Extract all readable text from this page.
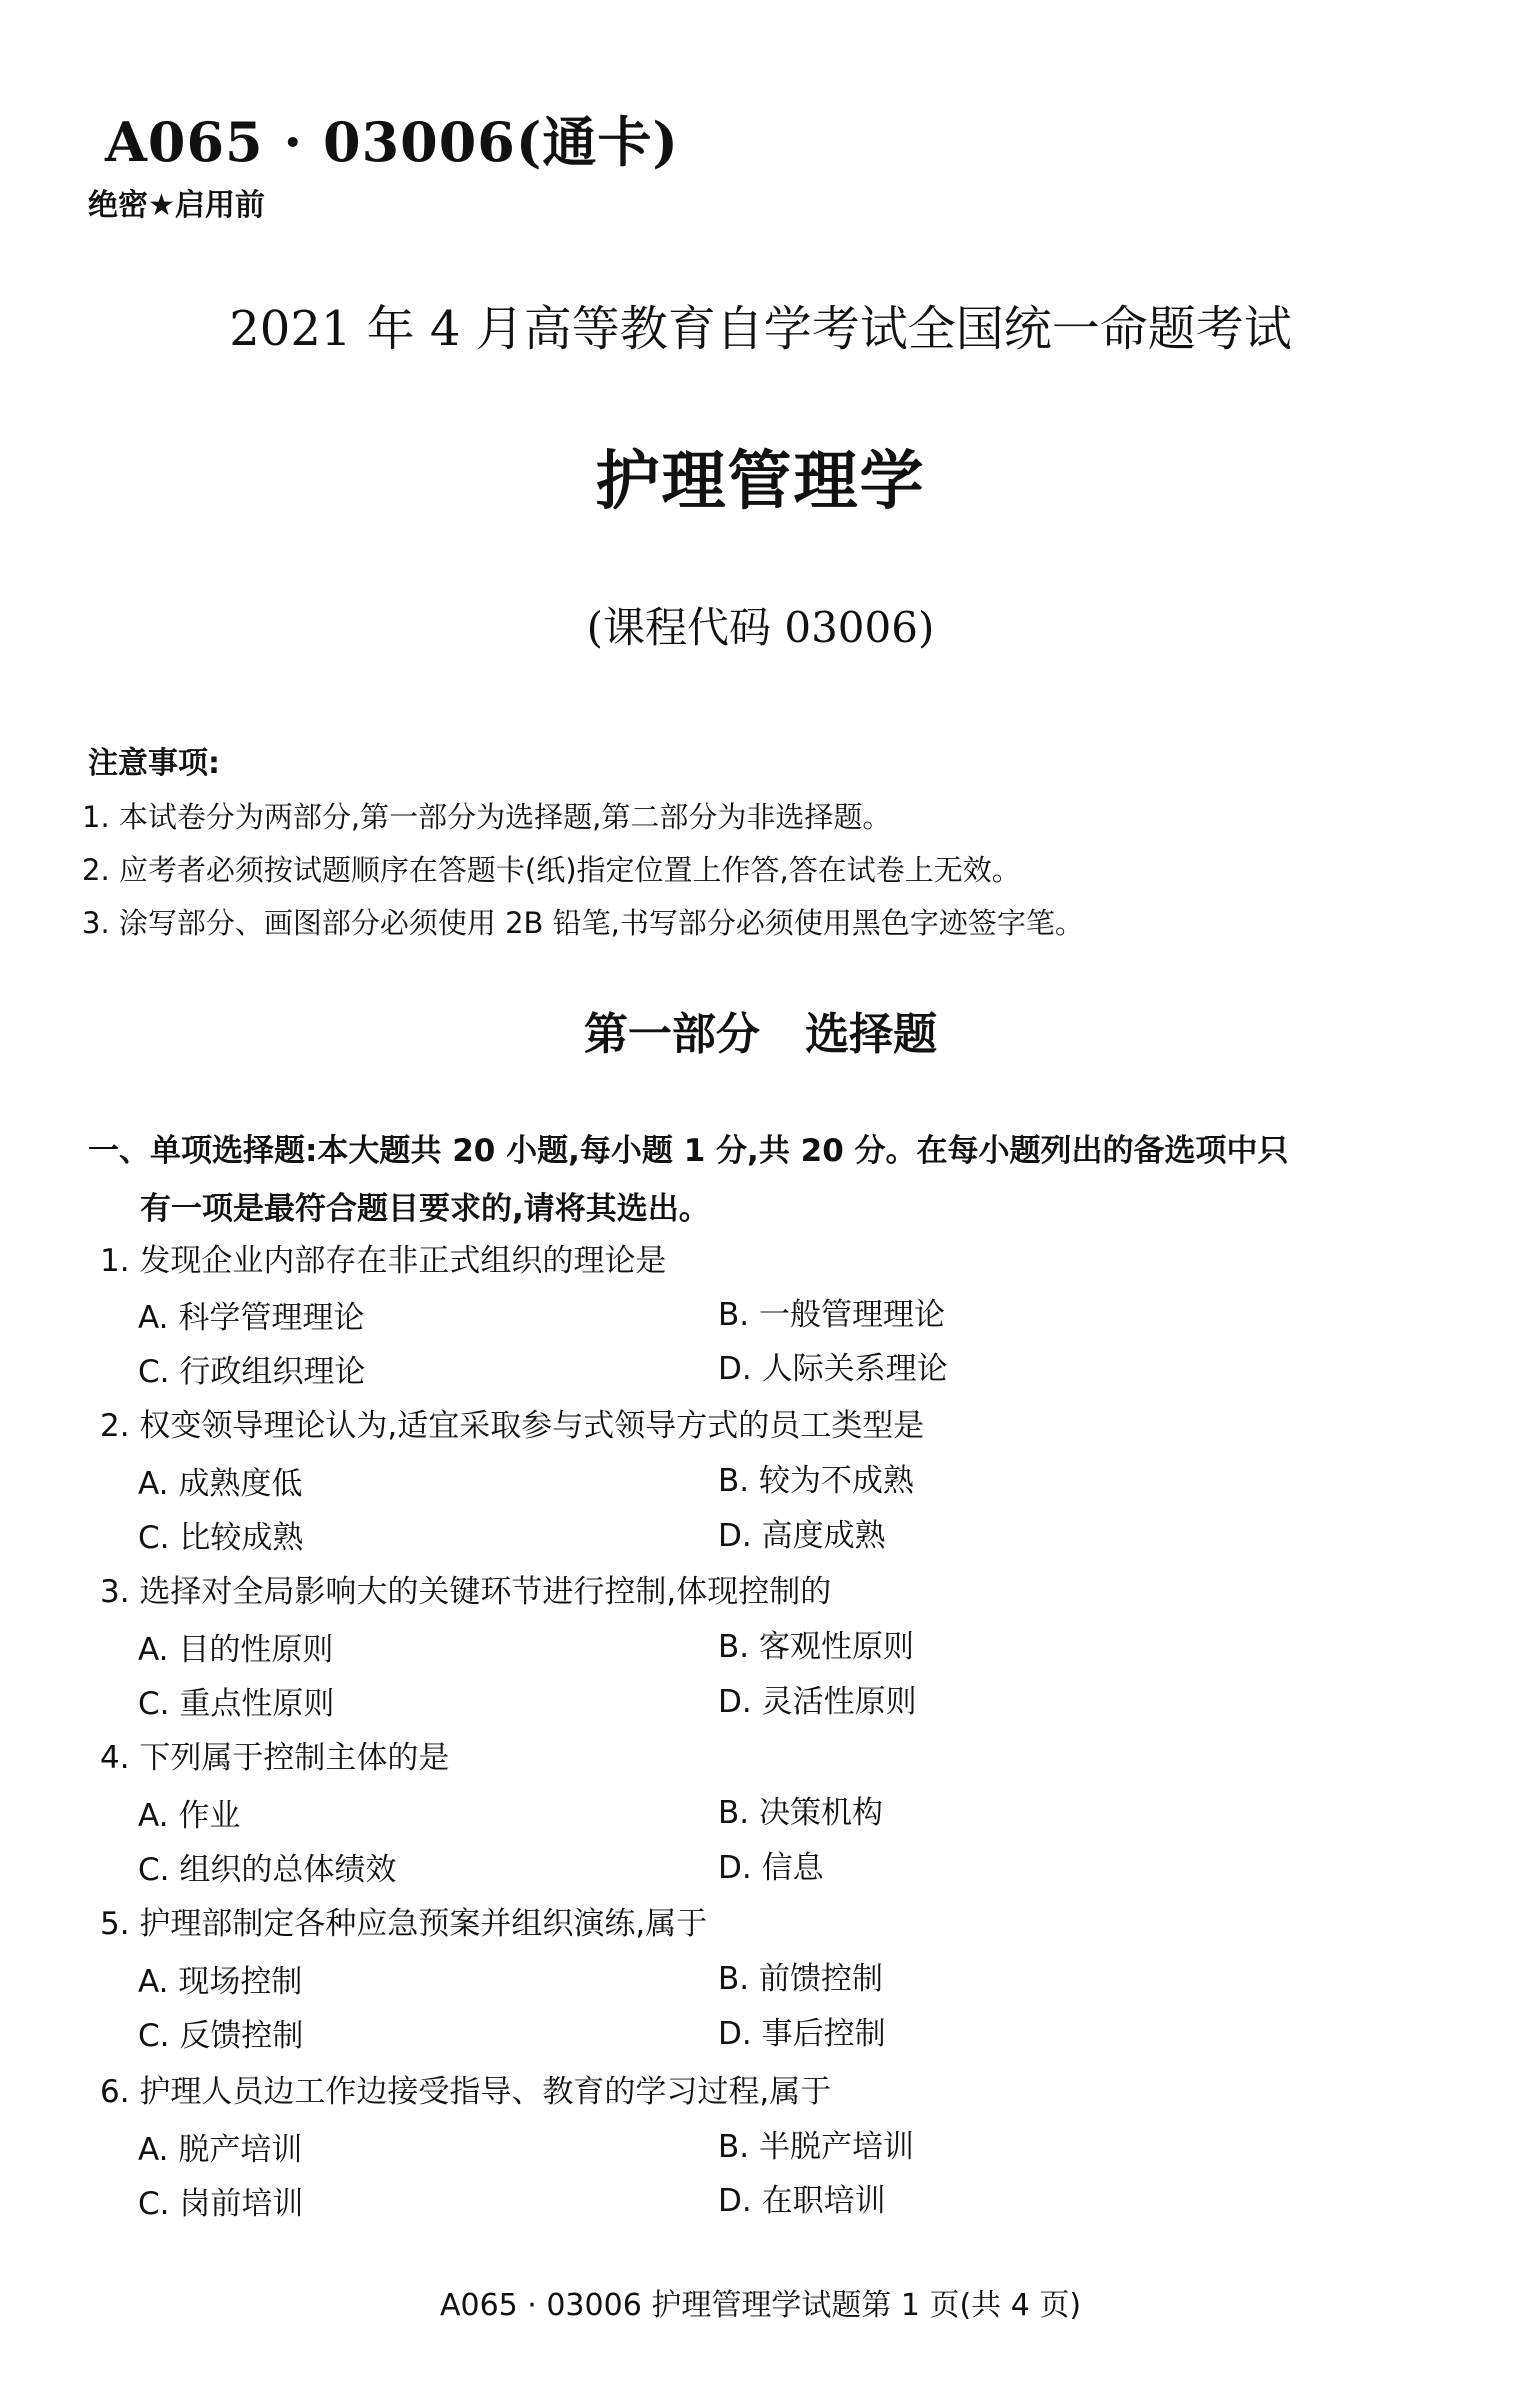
A065 · 03006(通卡)
绝密★启用前
2021 年 4 月高等教育自学考试全国统一命题考试
护理管理学
(课程代码 03006)
注意事项:
1. 本试卷分为两部分,第一部分为选择题,第二部分为非选择题。
2. 应考者必须按试题顺序在答题卡(纸)指定位置上作答,答在试卷上无效。
3. 涂写部分、画图部分必须使用 2B 铅笔,书写部分必须使用黑色字迹签字笔。
第一部分 选择题
一、单项选择题:本大题共 20 小题,每小题 1 分,共 20 分。在每小题列出的备选项中只
有一项是最符合题目要求的,请将其选出。
1. 发现企业内部存在非正式组织的理论是
A. 科学管理理论	B. 一般管理理论
C. 行政组织理论	D. 人际关系理论
2. 权变领导理论认为,适宜采取参与式领导方式的员工类型是
A. 成熟度低	B. 较为不成熟
C. 比较成熟	D. 高度成熟
3. 选择对全局影响大的关键环节进行控制,体现控制的
A. 目的性原则	B. 客观性原则
C. 重点性原则	D. 灵活性原则
4. 下列属于控制主体的是
A. 作业	B. 决策机构
C. 组织的总体绩效	D. 信息
5. 护理部制定各种应急预案并组织演练,属于
A. 现场控制	B. 前馈控制
C. 反馈控制	D. 事后控制
6. 护理人员边工作边接受指导、教育的学习过程,属于
A. 脱产培训	B. 半脱产培训
C. 岗前培训	D. 在职培训
A065 · 03006 护理管理学试题第 1 页(共 4 页)
